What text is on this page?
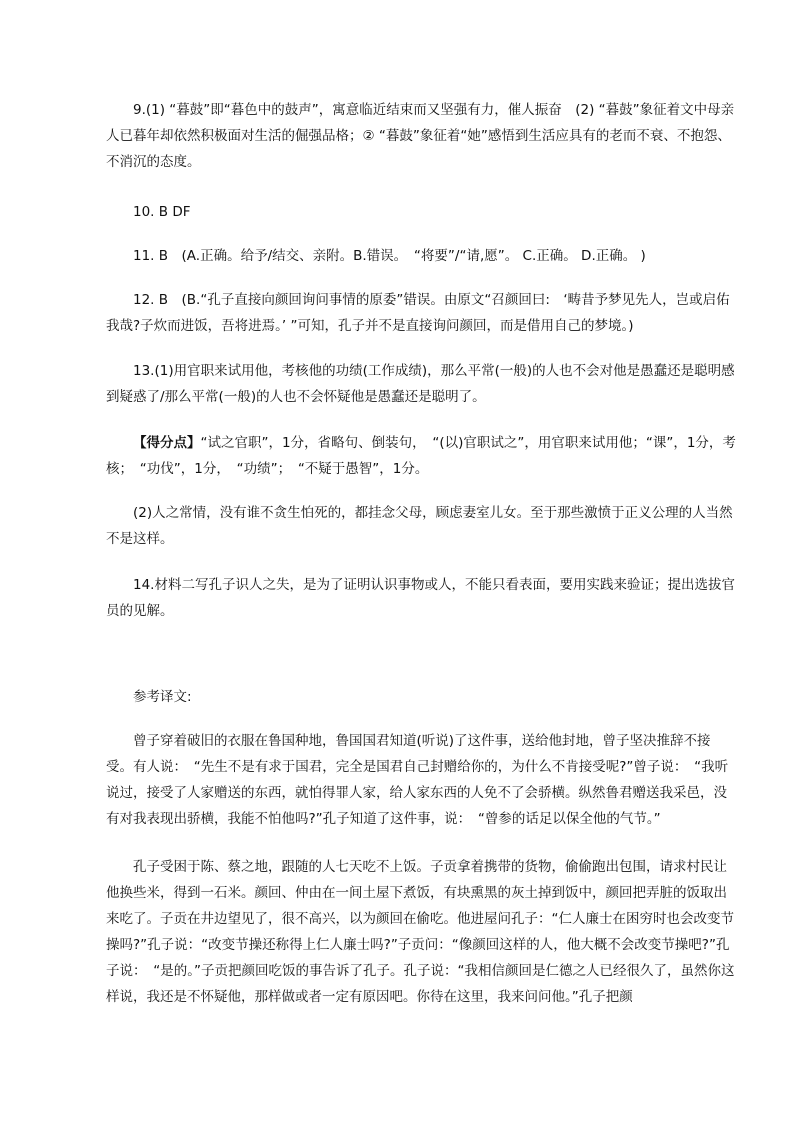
9.(1) “暮鼓”即“暮色中的鼓声”，寓意临近结束而又坚强有力，催人振奋　(2) “暮鼓”象征着文中母亲人已暮年却依然积极面对生活的倔强品格；② “暮鼓”象征着“她”感悟到生活应具有的老而不衰、不抱怨、不消沉的态度。

10. B DF

11. B　(A.正确。给予/结交、亲附。B.错误。　“将要”/“请,愿”。 C.正确。 D.正确。 )

12. B　(B.“孔子直接向颜回询问事情的原委”错误。由原文“召颜回曰:　‘畴昔予梦见先人，岂或启佑我哉?子炊而进饭，吾将进焉。’ ”可知，孔子并不是直接询问颜回，而是借用自己的梦境。)

13.(1)用官职来试用他，考核他的功绩(工作成绩)，那么平常(一般)的人也不会对他是愚蠢还是聪明感到疑惑了/那么平常(一般)的人也不会怀疑他是愚蠢还是聪明了。

【得分点】“试之官职”，1分，省略句、倒装句，　“(以)官职试之”，用官职来试用他；“课”，1分，考核；　“功伐”，1分，　“功绩”；　“不疑于愚智”，1分。

(2)人之常情，没有谁不贪生怕死的，都挂念父母，顾虑妻室儿女。至于那些激愤于正义公理的人当然不是这样。

14.材料二写孔子识人之失，是为了证明认识事物或人，不能只看表面，要用实践来验证；提出选拔官员的见解。

参考译文:

曾子穿着破旧的衣服在鲁国种地，鲁国国君知道(听说)了这件事，送给他封地，曾子坚决推辞不接受。有人说：　“先生不是有求于国君，完全是国君自己封赠给你的，为什么不肯接受呢?”曾子说：　“我听说过，接受了人家赠送的东西，就怕得罪人家，给人家东西的人免不了会骄横。纵然鲁君赠送我采邑，没有对我表现出骄横，我能不怕他吗?”孔子知道了这件事，说：　“曾参的话足以保全他的气节。”

孔子受困于陈、蔡之地，跟随的人七天吃不上饭。子贡拿着携带的货物，偷偷跑出包围，请求村民让他换些米，得到一石米。颜回、仲由在一间土屋下煮饭，有块熏黑的灰土掉到饭中，颜回把弄脏的饭取出来吃了。子贡在井边望见了，很不高兴，以为颜回在偷吃。他进屋问孔子：“仁人廉士在困穷时也会改变节操吗?”孔子说：“改变节操还称得上仁人廉士吗?”子贡问：“像颜回这样的人，他大概不会改变节操吧?”孔子说：　“是的。”子贡把颜回吃饭的事告诉了孔子。孔子说：“我相信颜回是仁德之人已经很久了，虽然你这样说，我还是不怀疑他，那样做或者一定有原因吧。你待在这里，我来问问他。”孔子把颜
